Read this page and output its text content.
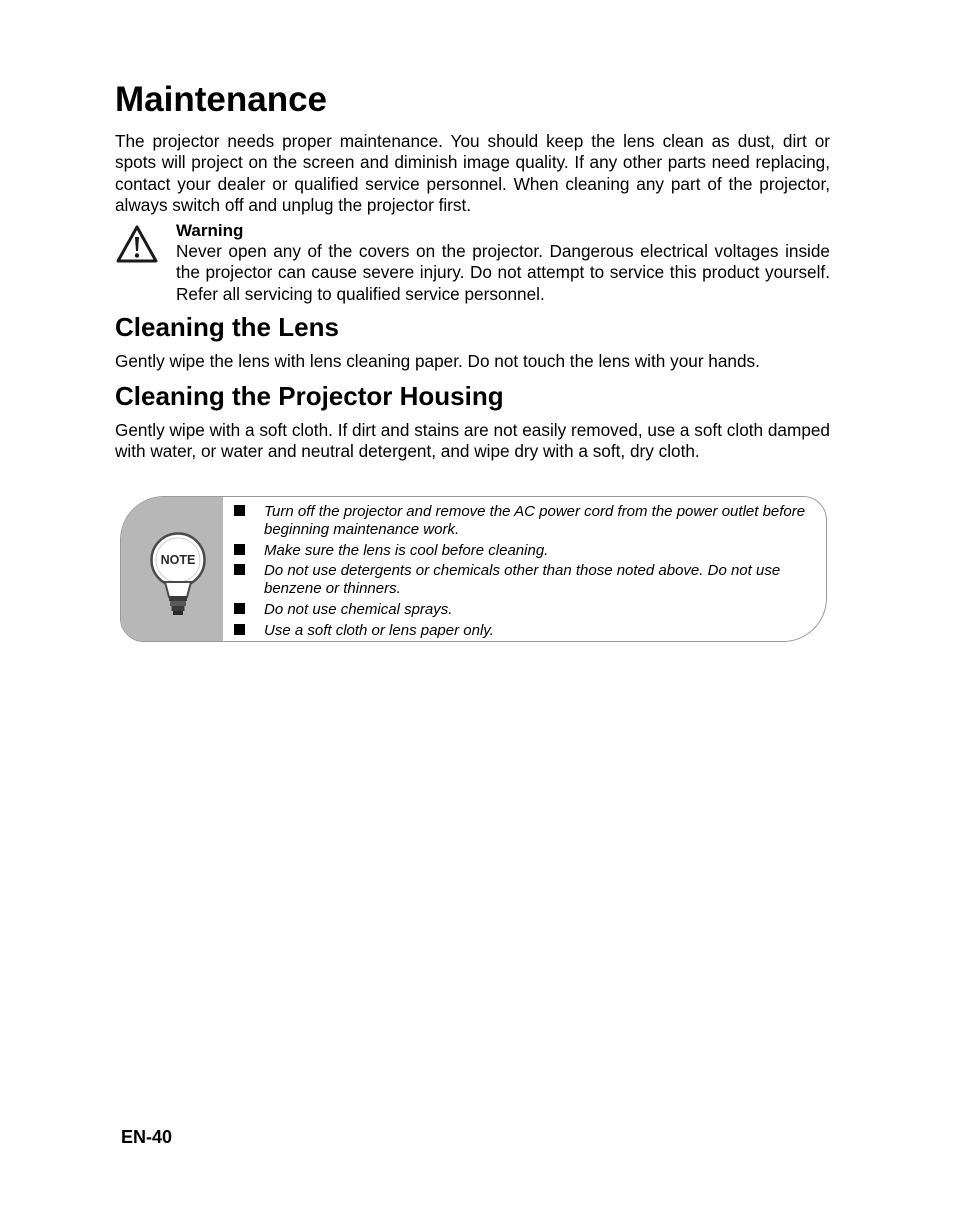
Maintenance

The projector needs proper maintenance. You should keep the lens clean as dust, dirt or spots will project on the screen and diminish image quality. If any other parts need replacing, contact your dealer or qualified service personnel. When cleaning any part of the projector, always switch off and unplug the projector first.

Warning

Never open any of the covers on the projector. Dangerous electrical voltages inside the projector can cause severe injury. Do not attempt to service this product yourself. Refer all servicing to qualified service personnel.

Cleaning the Lens

Gently wipe the lens with lens cleaning paper. Do not touch the lens with your hands.

Cleaning the Projector Housing

Gently wipe with a soft cloth. If dirt and stains are not easily removed, use a soft cloth damped with water, or water and neutral detergent, and wipe dry with a soft, dry cloth.

NOTE
Turn off the projector and remove the AC power cord from the power outlet before beginning maintenance work.
Make sure the lens is cool before cleaning.
Do not use detergents or chemicals other than those noted above. Do not use benzene or thinners.
Do not use chemical sprays.
Use a soft cloth or lens paper only.

EN-40
